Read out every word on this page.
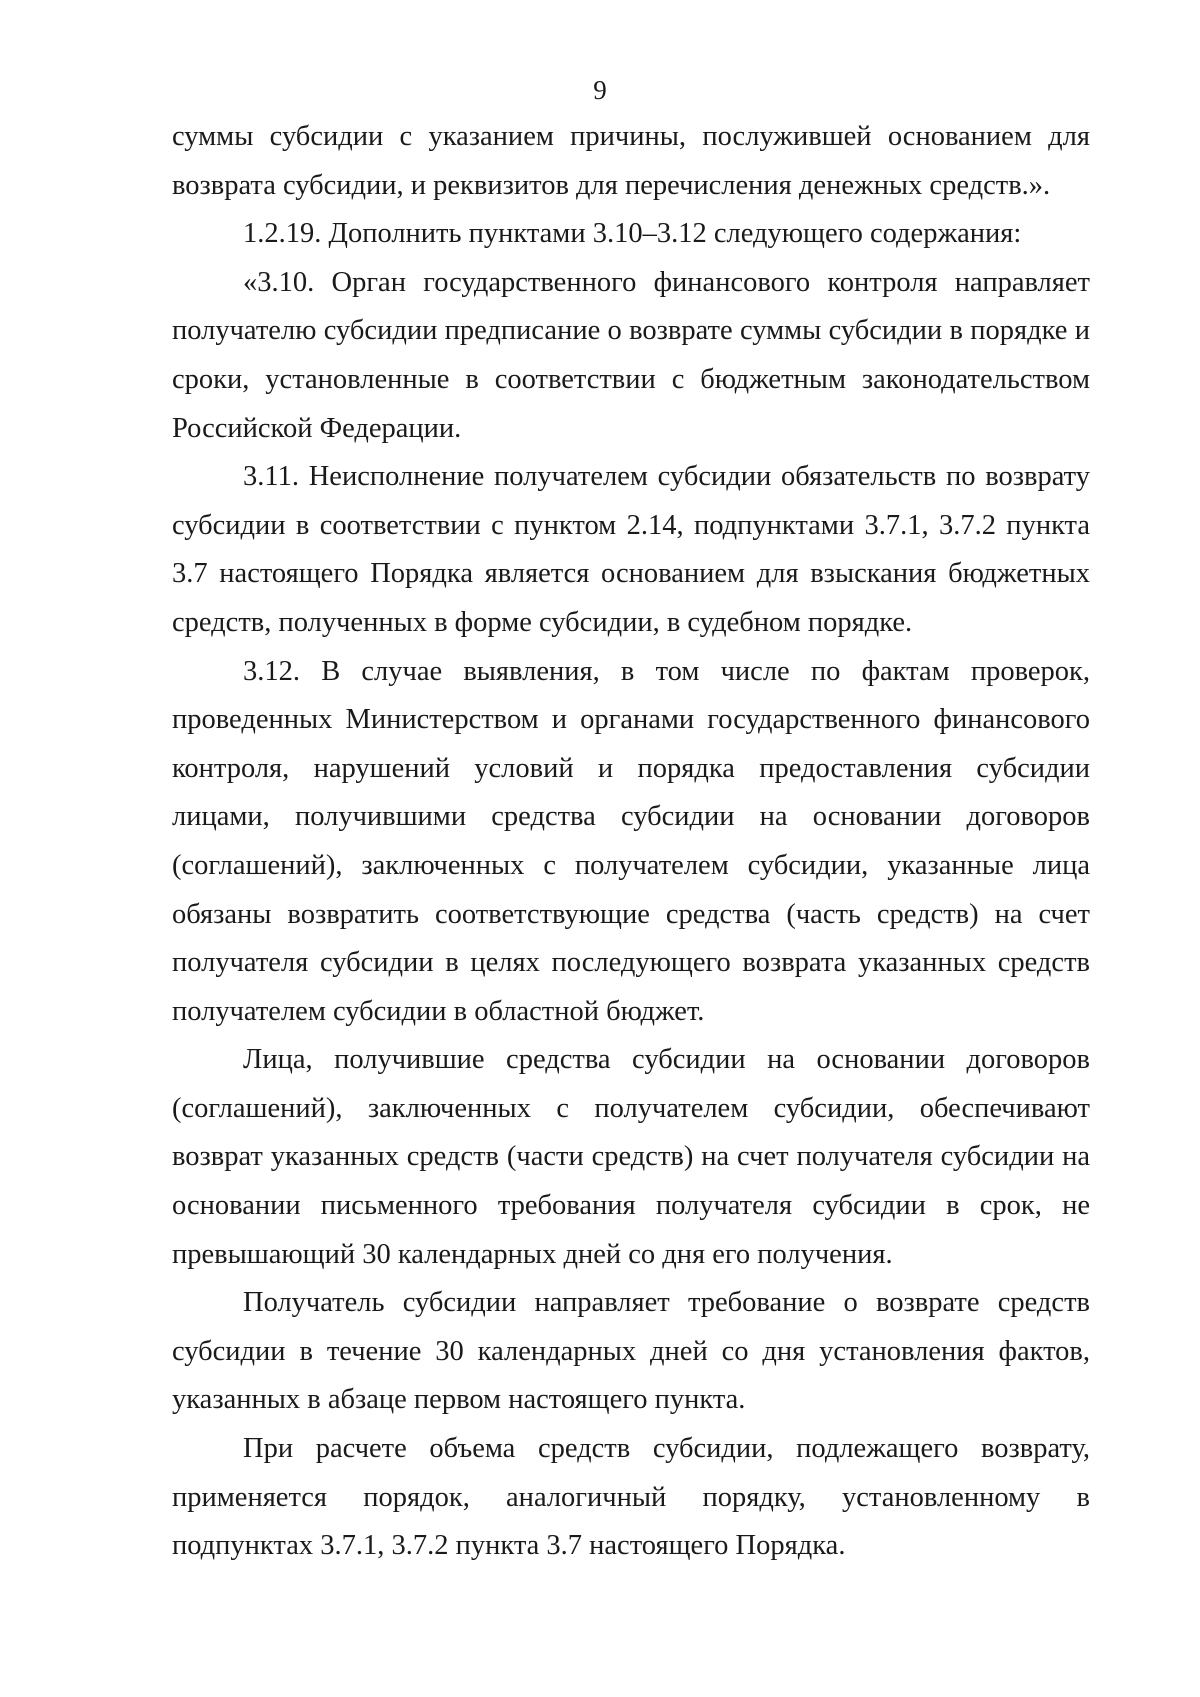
9

суммы субсидии с указанием причины, послужившей основанием для возврата субсидии, и реквизитов для перечисления денежных средств.».

1.2.19. Дополнить пунктами 3.10–3.12 следующего содержания:

«3.10. Орган государственного финансового контроля направляет получателю субсидии предписание о возврате суммы субсидии в порядке и сроки, установленные в соответствии с бюджетным законодательством Российской Федерации.

3.11. Неисполнение получателем субсидии обязательств по возврату субсидии в соответствии с пунктом 2.14, подпунктами 3.7.1, 3.7.2 пункта 3.7 настоящего Порядка является основанием для взыскания бюджетных средств, полученных в форме субсидии, в судебном порядке.

3.12. В случае выявления, в том числе по фактам проверок, проведенных Министерством и органами государственного финансового контроля, нарушений условий и порядка предоставления субсидии лицами, получившими средства субсидии на основании договоров (соглашений), заключенных с получателем субсидии, указанные лица обязаны возвратить соответствующие средства (часть средств) на счет получателя субсидии в целях последующего возврата указанных средств получателем субсидии в областной бюджет.

Лица, получившие средства субсидии на основании договоров (соглашений), заключенных с получателем субсидии, обеспечивают возврат указанных средств (части средств) на счет получателя субсидии на основании письменного требования получателя субсидии в срок, не превышающий 30 календарных дней со дня его получения.

Получатель субсидии направляет требование о возврате средств субсидии в течение 30 календарных дней со дня установления фактов, указанных в абзаце первом настоящего пункта.

При расчете объема средств субсидии, подлежащего возврату, применяется порядок, аналогичный порядку, установленному в подпунктах 3.7.1, 3.7.2 пункта 3.7 настоящего Порядка.
